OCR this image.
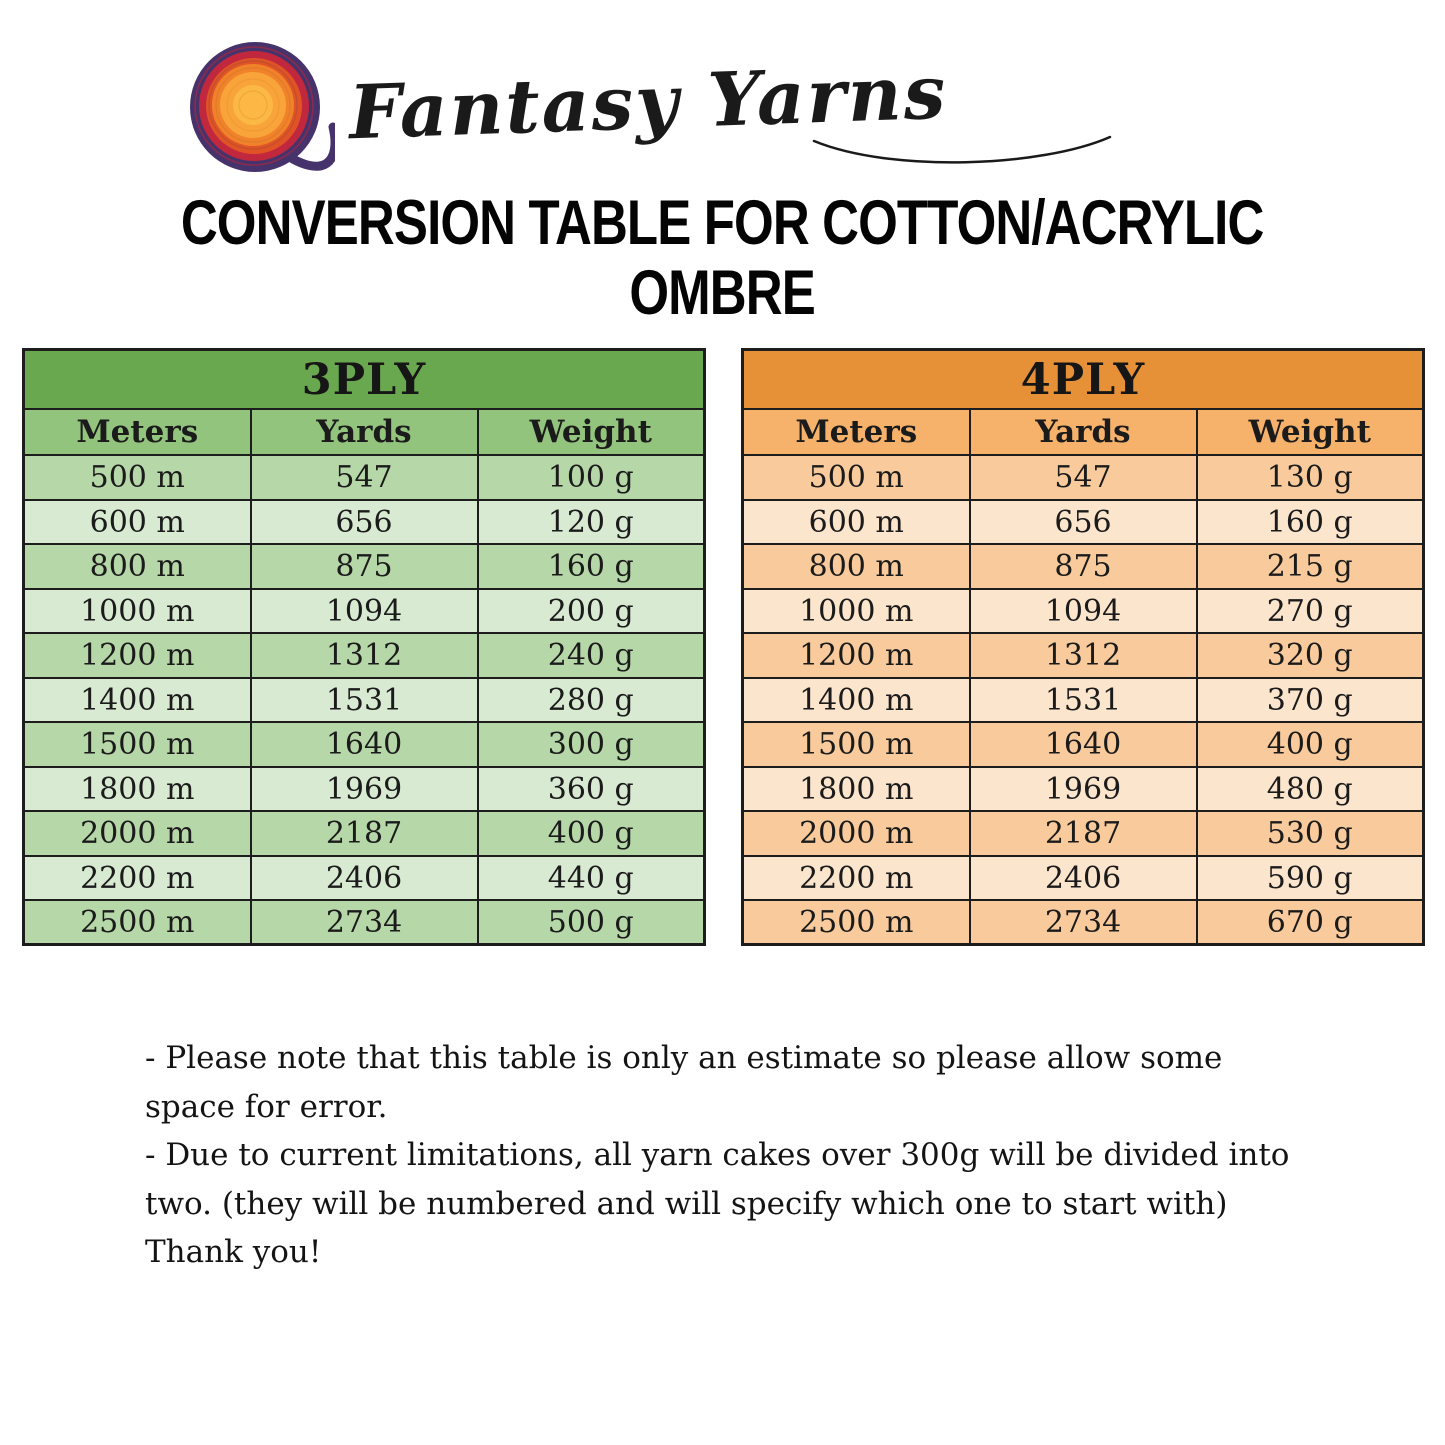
Fantasy Yarns
CONVERSION TABLE FOR COTTON/ACRYLIC
OMBRE
3PLY		
Meters	Yards	Weight
500 m	547	100 g
600 m	656	120 g
800 m	875	160 g
1000 m	1094	200 g
1200 m	1312	240 g
1400 m	1531	280 g
1500 m	1640	300 g
1800 m	1969	360 g
2000 m	2187	400 g
2200 m	2406	440 g
2500 m	2734	500 g
4PLY		
Meters	Yards	Weight
500 m	547	130 g
600 m	656	160 g
800 m	875	215 g
1000 m	1094	270 g
1200 m	1312	320 g
1400 m	1531	370 g
1500 m	1640	400 g
1800 m	1969	480 g
2000 m	2187	530 g
2200 m	2406	590 g
2500 m	2734	670 g
- Please note that this table is only an estimate so please allow some
space for error.
- Due to current limitations, all yarn cakes over 300g will be divided into
two. (they will be numbered and will specify which one to start with)
Thank you!
